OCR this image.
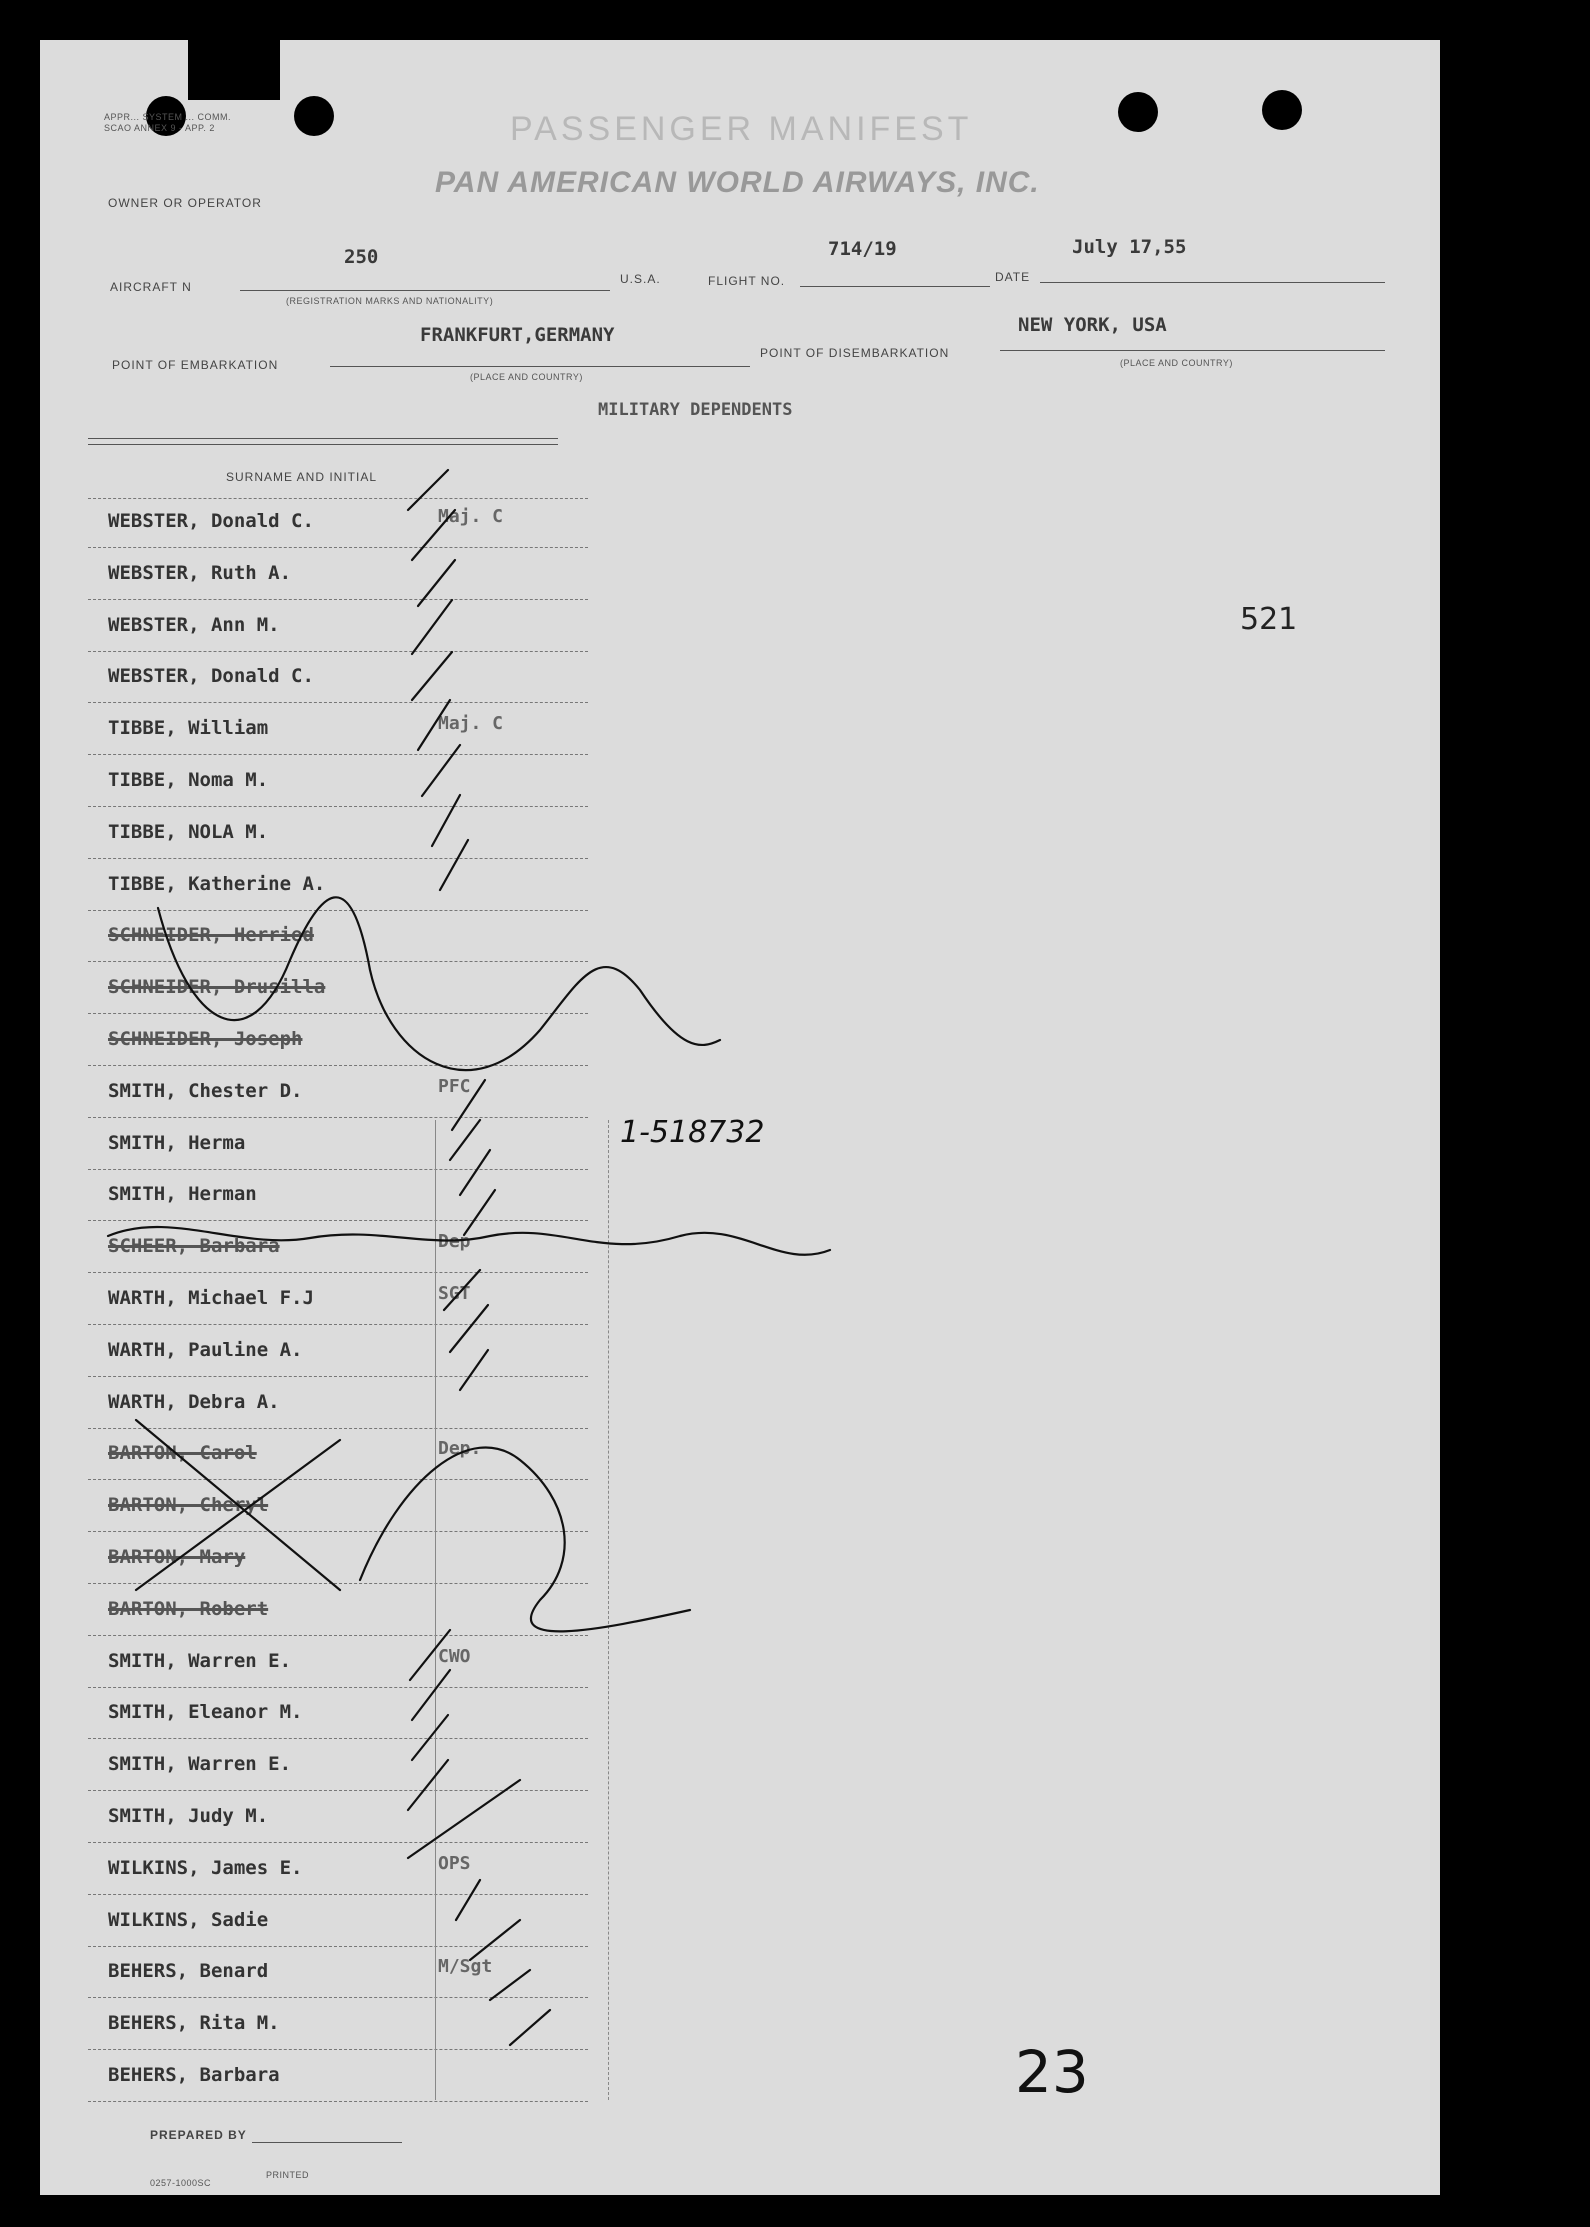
APPR... SYSTEM ... COMM. SCAO ANNEX 9 - APP. 2	PASSENGER MANIFEST
OWNER OR OPERATOR
PAN AMERICAN WORLD AIRWAYS, INC.
AIRCRAFT N
250
(REGISTRATION MARKS AND NATIONALITY)
U.S.A.	FLIGHT NO.
714/19
DATE
July 17,55
POINT OF EMBARKATION
FRANKFURT,GERMANY
(PLACE AND COUNTRY)
POINT OF DISEMBARKATION
NEW YORK, USA
(PLACE AND COUNTRY)
MILITARY DEPENDENTS
SURNAME AND INITIAL
521
WEBSTER, Donald C.	Maj. C
WEBSTER, Ruth A.
WEBSTER, Ann M.
WEBSTER, Donald C.
TIBBE, William	Maj. C
TIBBE, Noma M.
TIBBE, NOLA M.
TIBBE, Katherine A.
SCHNEIDER, Herried
SCHNEIDER, Drusilla
SCHNEIDER, Joseph
SMITH, Chester D.	PFC
SMITH, Herma
SMITH, Herman
SCHEER, Barbara	Dep
WARTH, Michael F.J	SGT
WARTH, Pauline A.
WARTH, Debra A.
BARTON, Carol	Dep.
BARTON, Cheryl
BARTON, Mary
BARTON, Robert
SMITH, Warren E.	CWO
SMITH, Eleanor M.
SMITH, Warren E.
SMITH, Judy M.
WILKINS, James E.	OPS
WILKINS, Sadie
BEHERS, Benard	M/Sgt
BEHERS, Rita M.
BEHERS, Barbara
1-518732
23
PREPARED BY
0257-1000SC
PRINTED
